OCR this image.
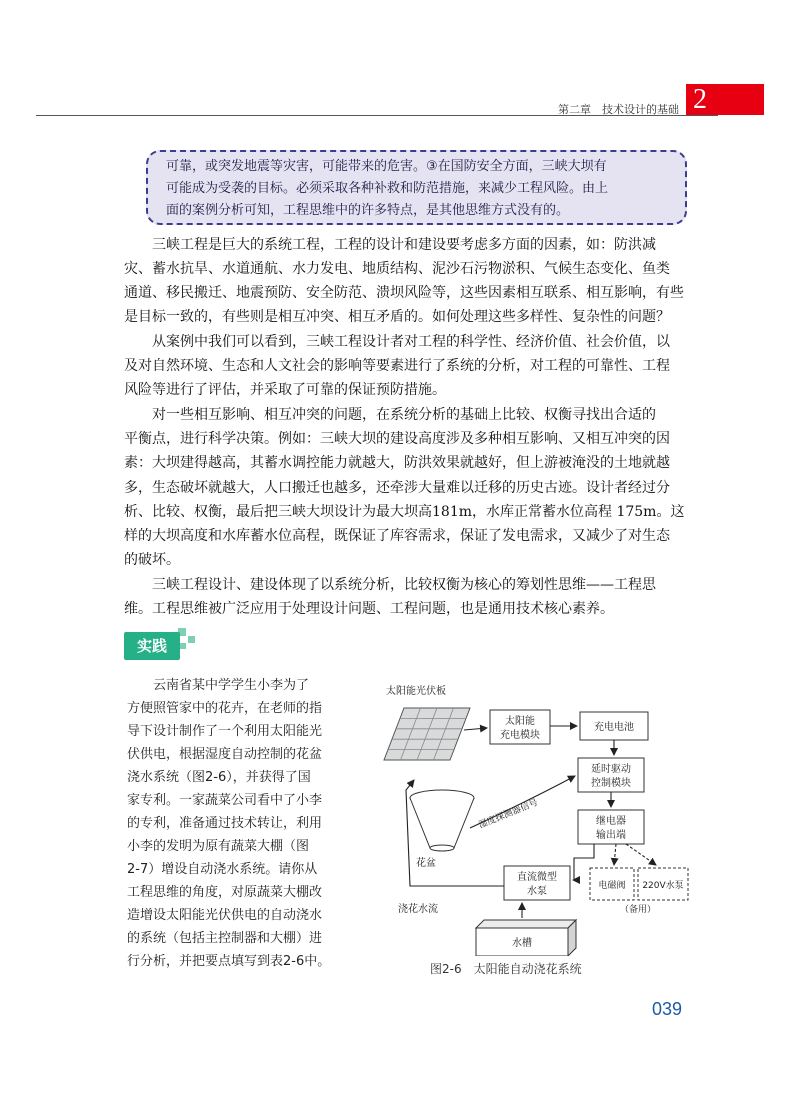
第二章　技术设计的基础 2

可靠，或突发地震等灾害，可能带来的危害。③在国防安全方面，三峡大坝有

可能成为受袭的目标。必须采取各种补救和防范措施，来减少工程风险。由上

面的案例分析可知，工程思维中的许多特点，是其他思维方式没有的。

　　三峡工程是巨大的系统工程，工程的设计和建设要考虑多方面的因素，如：防洪减
灾、蓄水抗旱、水道通航、水力发电、地质结构、泥沙石污物淤积、气候生态变化、鱼类
通道、移民搬迁、地震预防、安全防范、溃坝风险等，这些因素相互联系、相互影响，有些
是目标一致的，有些则是相互冲突、相互矛盾的。如何处理这些多样性、复杂性的问题？
　　从案例中我们可以看到，三峡工程设计者对工程的科学性、经济价值、社会价值，以
及对自然环境、生态和人文社会的影响等要素进行了系统的分析，对工程的可靠性、工程
风险等进行了评估，并采取了可靠的保证预防措施。
　　对一些相互影响、相互冲突的问题，在系统分析的基础上比较、权衡寻找出合适的
平衡点，进行科学决策。例如：三峡大坝的建设高度涉及多种相互影响、又相互冲突的因
素：大坝建得越高，其蓄水调控能力就越大，防洪效果就越好，但上游被淹没的土地就越
多，生态破坏就越大，人口搬迁也越多，还牵涉大量难以迁移的历史古迹。设计者经过分
析、比较、权衡，最后把三峡大坝设计为最大坝高181m，水库正常蓄水位高程 175m。这
样的大坝高度和水库蓄水位高程，既保证了库容需求，保证了发电需求，又减少了对生态
的破坏。
　　三峡工程设计、建设体现了以系统分析，比较权衡为核心的筹划性思维——工程思
维。工程思维被广泛应用于处理设计问题、工程问题，也是通用技术核心素养。
实践
　　云南省某中学学生小李为了
方便照管家中的花卉，在老师的指
导下设计制作了一个利用太阳能光
伏供电，根据湿度自动控制的花盆
浇水系统（图2-6），并获得了国
家专利。一家蔬菜公司看中了小李
的专利，准备通过技术转让，利用
小李的发明为原有蔬菜大棚（图
2-7）增设自动浇水系统。请你从
工程思维的角度，对原蔬菜大棚改
造增设太阳能光伏供电的自动浇水
的系统（包括主控制器和大棚）进
行分析，并把要点填写到表2-6中。
太阳能光伏板
太阳能
充电模块
充电电池
延时驱动
控制模块
继电器
输出端
直流微型
水泵	电磁阀 220V水泵
（备用）
水槽
花盆
湿度探测器信号
浇花水流
图2-6　太阳能自动浇花系统
039
